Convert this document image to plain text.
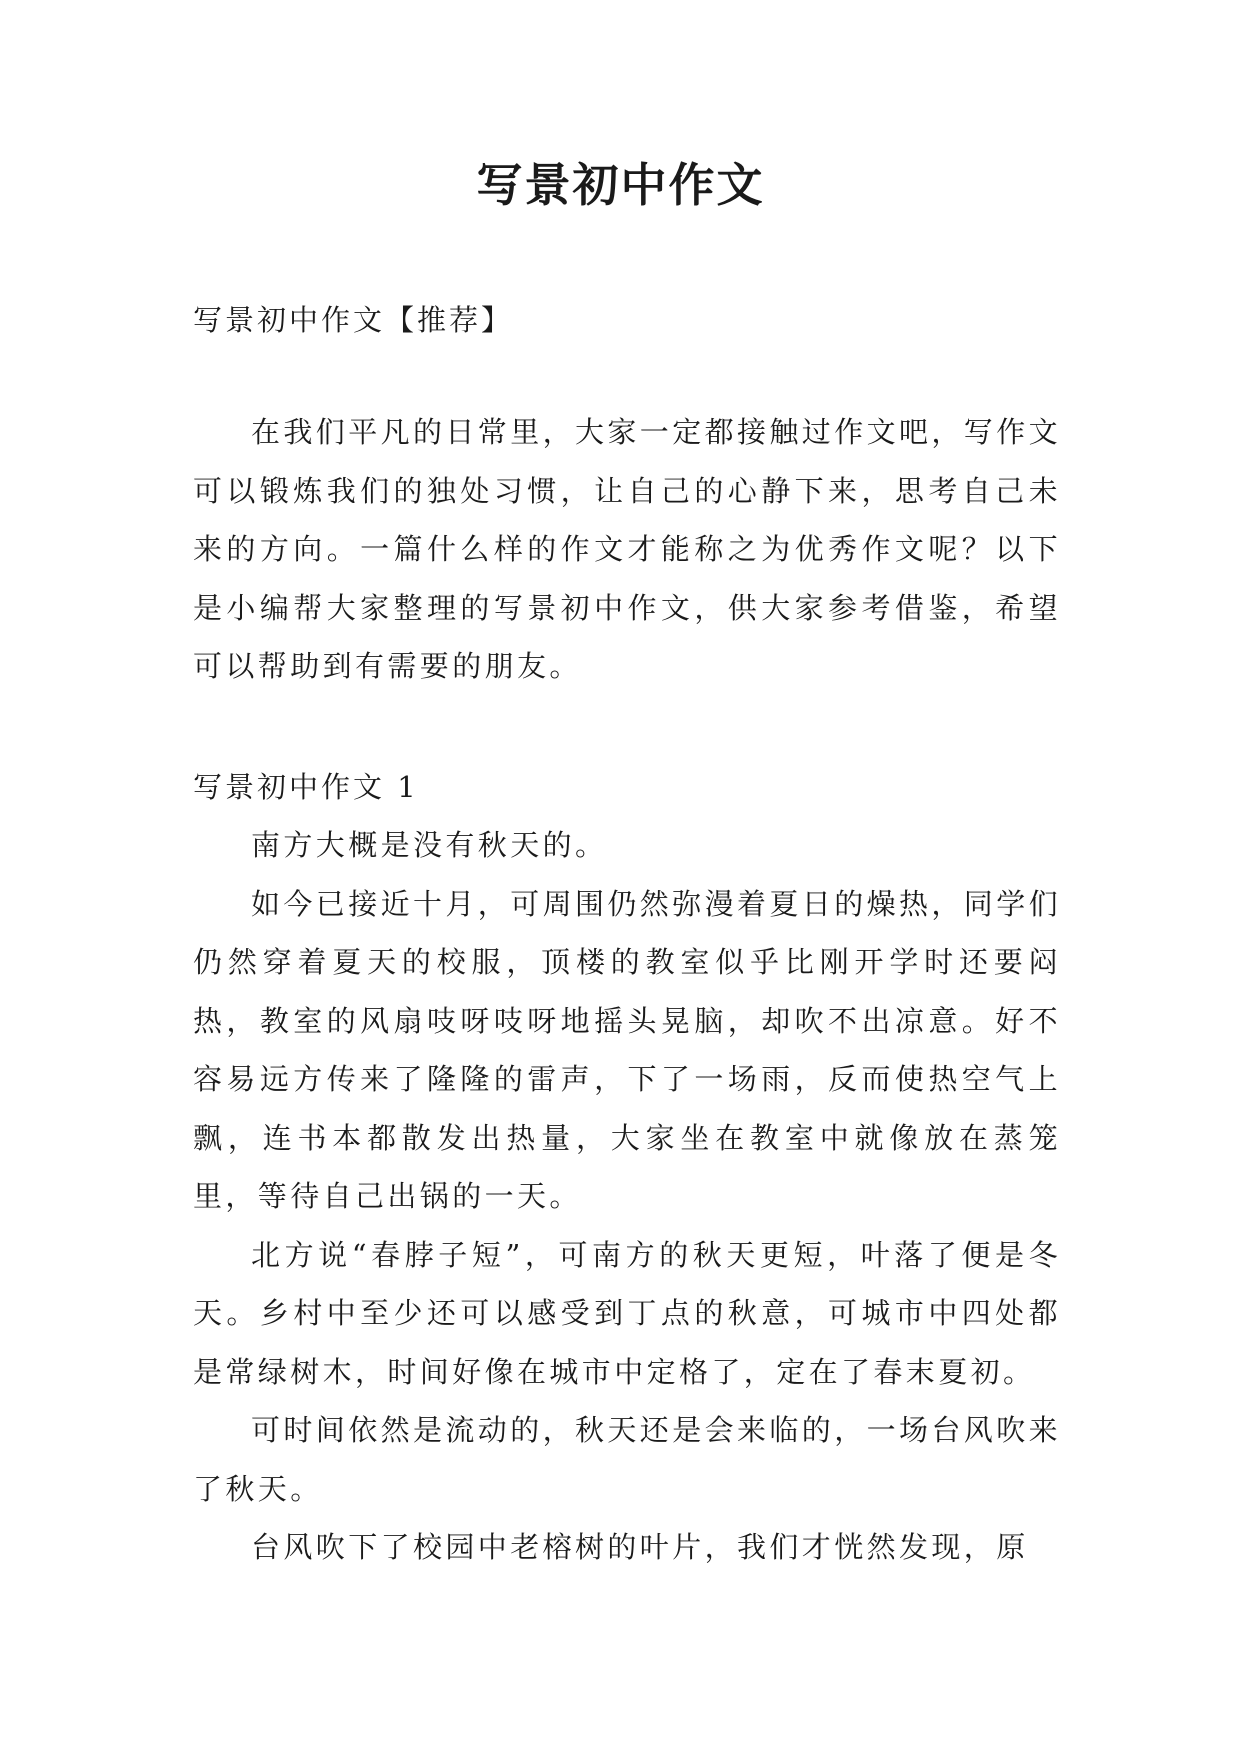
写景初中作文

写景初中作文【推荐】

在我们平凡的日常里，大家一定都接触过作文吧，写作文可以锻炼我们的独处习惯，让自己的心静下来，思考自己未来的方向。一篇什么样的作文才能称之为优秀作文呢？以下是小编帮大家整理的写景初中作文，供大家参考借鉴，希望可以帮助到有需要的朋友。

写景初中作文 1

南方大概是没有秋天的。

如今已接近十月，可周围仍然弥漫着夏日的燥热，同学们仍然穿着夏天的校服，顶楼的教室似乎比刚开学时还要闷热，教室的风扇吱呀吱呀地摇头晃脑，却吹不出凉意。好不容易远方传来了隆隆的雷声，下了一场雨，反而使热空气上飘，连书本都散发出热量，大家坐在教室中就像放在蒸笼里，等待自己出锅的一天。

北方说“春脖子短”，可南方的秋天更短，叶落了便是冬天。乡村中至少还可以感受到丁点的秋意，可城市中四处都是常绿树木，时间好像在城市中定格了，定在了春末夏初。

可时间依然是流动的，秋天还是会来临的，一场台风吹来了秋天。

台风吹下了校园中老榕树的叶片，我们才恍然发现，原
